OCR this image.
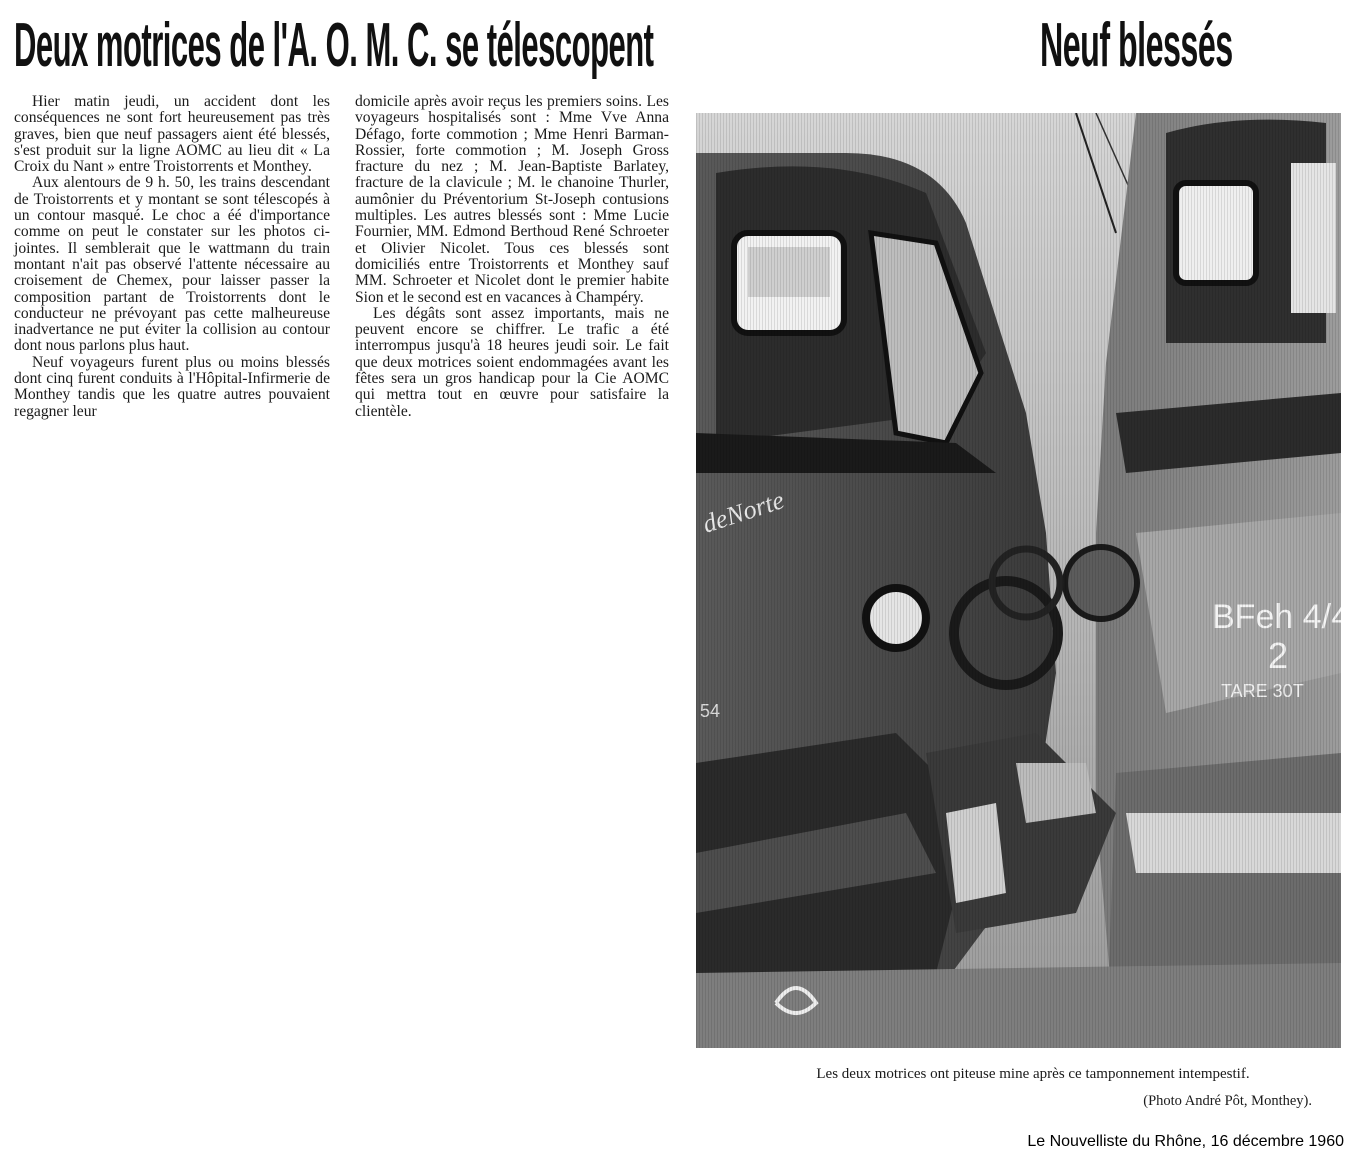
Deux motrices de l'A. O. M. C. se télescopent	Neuf blessés

Hier matin jeudi, un accident dont les conséquences ne sont fort heureusement pas très graves, bien que neuf passagers aient été blessés, s'est produit sur la ligne AOMC au lieu dit « La Croix du Nant » entre Troistorrents et Monthey.

Aux alentours de 9 h. 50, les trains descendant de Troistorrents et y montant se sont télescopés à un contour masqué. Le choc a éé d'importance comme on peut le constater sur les photos ci-jointes. Il semblerait que le wattmann du train montant n'ait pas observé l'attente nécessaire au croisement de Chemex, pour laisser passer la composition partant de Troistorrents dont le conducteur ne prévoyant pas cette malheureuse inadvertance ne put éviter la collision au contour dont nous parlons plus haut.

Neuf voyageurs furent plus ou moins blessés dont cinq furent conduits à l'Hôpital-Infirmerie de Monthey tandis que les quatre autres pouvaient regagner leur

domicile après avoir reçus les premiers soins. Les voyageurs hospitalisés sont : Mme Vve Anna Défago, forte commotion ; Mme Henri Barman-Rossier, forte commotion ; M. Joseph Gross fracture du nez ; M. Jean-Baptiste Barlatey, fracture de la clavicule ; M. le chanoine Thurler, aumônier du Préventorium St-Joseph contusions multiples. Les autres blessés sont : Mme Lucie Fournier, MM. Edmond Berthoud René Schroeter et Olivier Nicolet. Tous ces blessés sont domiciliés entre Troistorrents et Monthey sauf MM. Schroeter et Nicolet dont le premier habite Sion et le second est en vacances à Champéry.

Les dégâts sont assez importants, mais ne peuvent encore se chiffrer. Le trafic a été interrompus jusqu'à 18 heures jeudi soir. Le fait que deux motrices soient endommagées avant les fêtes sera un gros handicap pour la Cie AOMC qui mettra tout en œuvre pour satisfaire la clientèle.

Les deux motrices ont piteuse mine après ce tamponnement intempestif.
(Photo André Pôt, Monthey).
Le Nouvelliste du Rhône, 16 décembre 1960
